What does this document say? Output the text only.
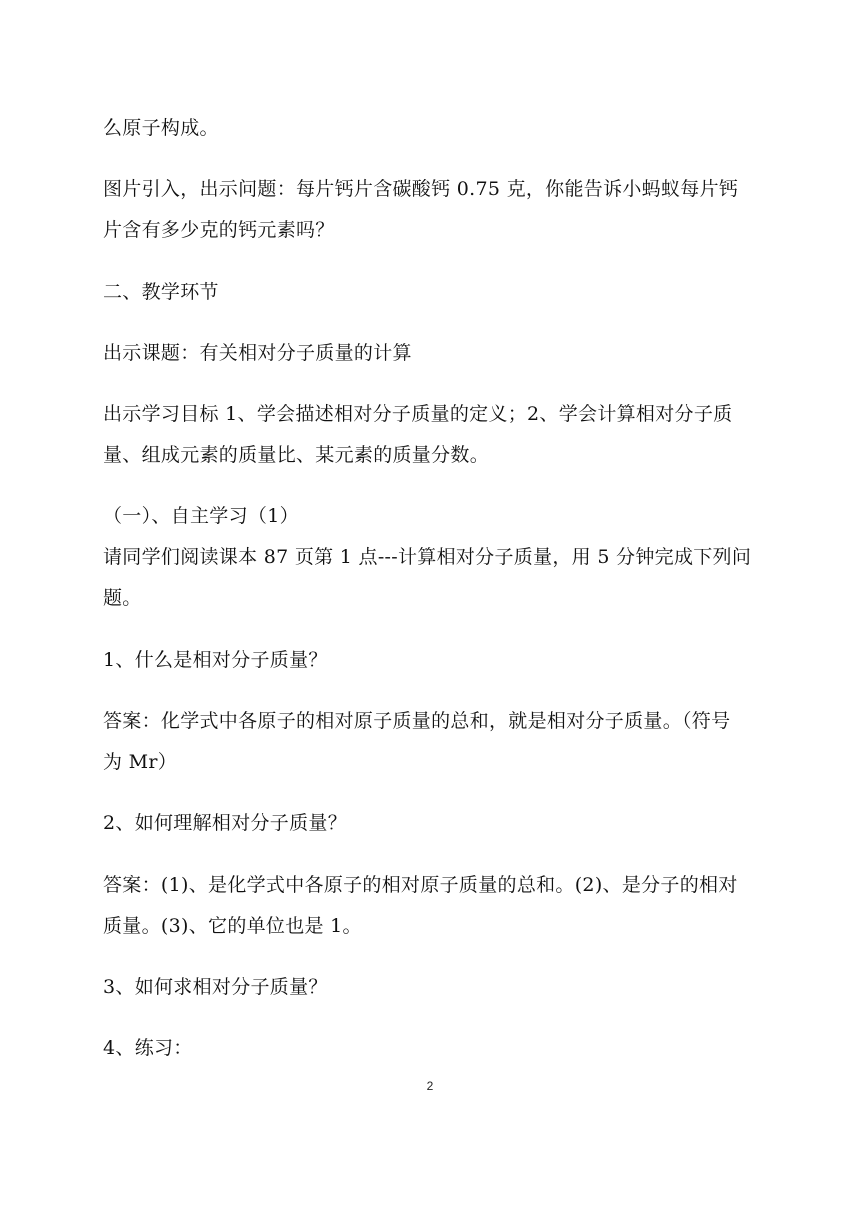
么原子构成。
图片引入，出示问题：每片钙片含碳酸钙 0.75 克，你能告诉小蚂蚁每片钙
片含有多少克的钙元素吗？
二、教学环节
出示课题：有关相对分子质量的计算
出示学习目标 1、学会描述相对分子质量的定义；2、学会计算相对分子质
量、组成元素的质量比、某元素的质量分数。
（一）、自主学习（1）
请同学们阅读课本 87 页第 1 点---计算相对分子质量，用 5 分钟完成下列问
题。
1、什么是相对分子质量？
答案：化学式中各原子的相对原子质量的总和，就是相对分子质量。（符号
为 Mr）
2、如何理解相对分子质量？
答案：(1)、是化学式中各原子的相对原子质量的总和。(2)、是分子的相对
质量。(3)、它的单位也是 1。
3、如何求相对分子质量？
4、练习：
2
